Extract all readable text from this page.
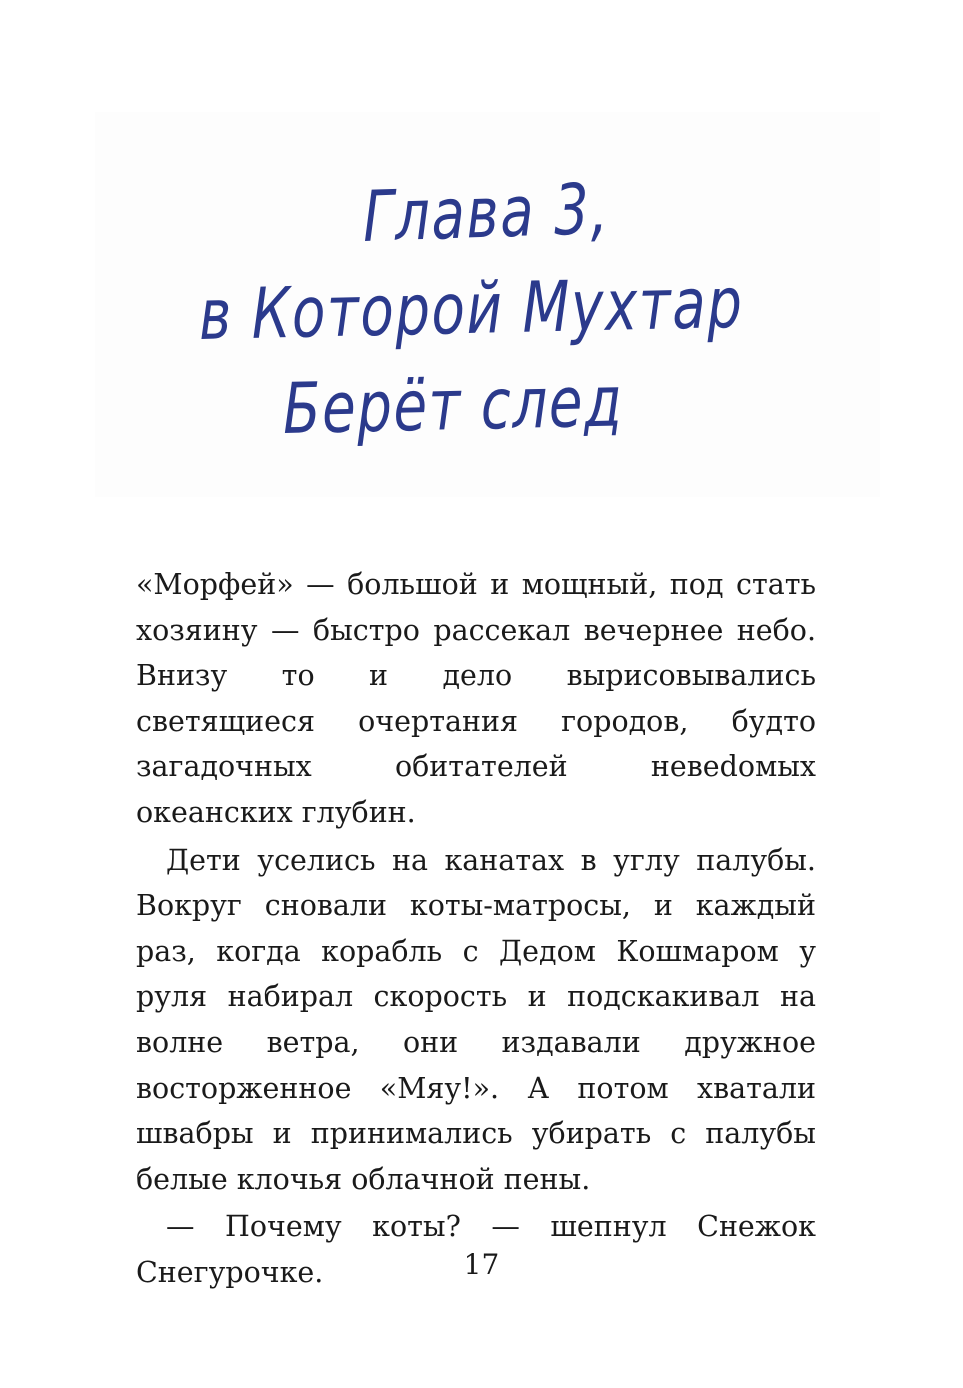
Глава 3,
в Которой Мухтар
Берёт след

«Морфей» — большой и мощный, под стать хозяину — быстро рассекал вечернее небо. Внизу то и дело вырисовывались светящиеся очертания городов, будто загадочных обитателей невеdомых океанских глубин.

Дети уселись на канатах в углу палубы. Вокруг сновали коты-матросы, и каждый раз, когда корабль с Дедом Кошмаром у руля набирал скорость и подскакивал на волне ветра, они издавали дружное восторженное «Мяу!». А потом хватали швабры и принимались убирать с палубы белые клочья облачной пены.

— Почему коты? — шепнул Снежок Снегурочке.	17
